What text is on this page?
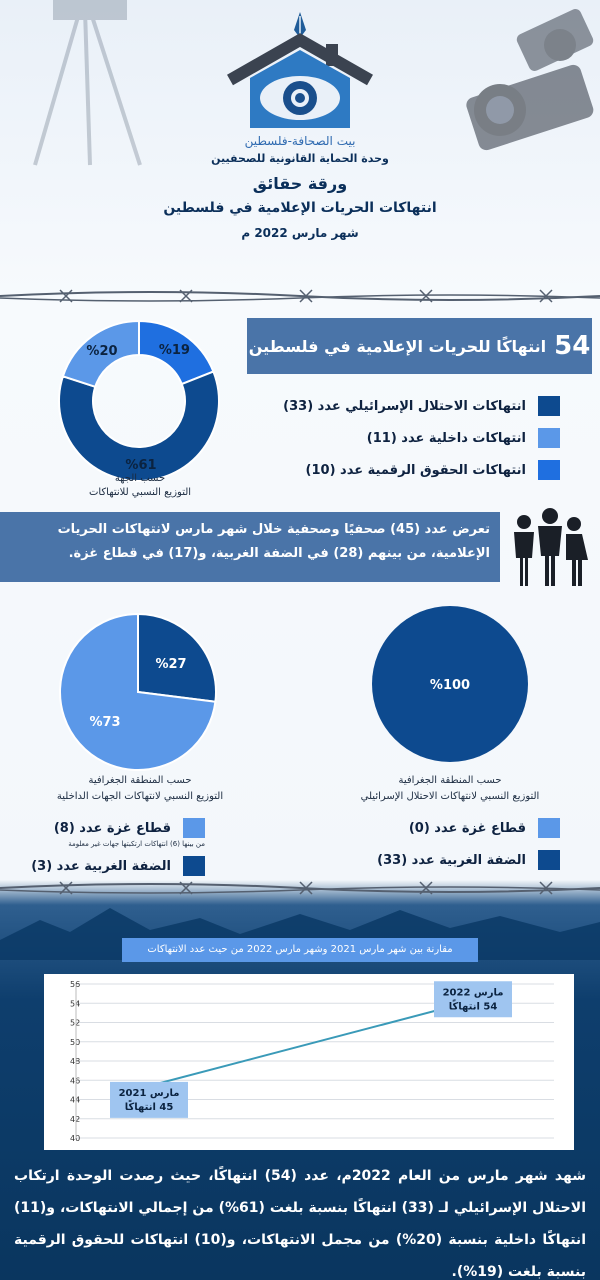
بيت الصحافة-فلسطين
وحدة الحماية القانونية للصحفيين
ورقة حقائق
انتهاكات الحريات الإعلامية في فلسطين
شهر مارس 2022 م
%19
%61
%20
حسب الجهة
التوزيع النسبي للانتهاكات
54
انتهاكًا للحريات الإعلامية في فلسطين
انتهاكات الاحتلال الإسرائيلي عدد (33)
انتهاكات داخلية عدد (11)
انتهاكات الحقوق الرقمية عدد (10)
تعرض عدد (45) صحفيًا وصحفية خلال شهر مارس لانتهاكات الحريات الإعلامية، من بينهم (28) في الضفة الغربية، و(17) في قطاع غزة.
%27
%73
حسب المنطقة الجغرافية
التوزيع النسبي لانتهاكات الجهات الداخلية
%100
حسب المنطقة الجغرافية
التوزيع النسبي لانتهاكات الاحتلال الإسرائيلي
قطاع غزة عدد (8)
من بينها (6) انتهاكات ارتكبتها جهات غير معلومة
الضفة الغربية عدد (3)
قطاع غزة عدد (0)
الضفة الغربية عدد (33)
مقارنة بين شهر مارس 2021 وشهر مارس 2022 من حيث عدد الانتهاكات
40
42
44
46
48
50
52
54
56
مارس 2021
45 انتهاكًا
مارس 2022
54 انتهاكًا
شهد شهر مارس من العام 2022م، عدد (54) انتهاكًا، حيث رصدت الوحدة ارتكاب الاحتلال الإسرائيلي لـ (33) انتهاكًا بنسبة بلغت (61%) من إجمالي الانتهاكات، و(11) انتهاكًا داخلية بنسبة (20%) من مجمل الانتهاكات، و(10) انتهاكات للحقوق الرقمية بنسبة بلغت (19%).
